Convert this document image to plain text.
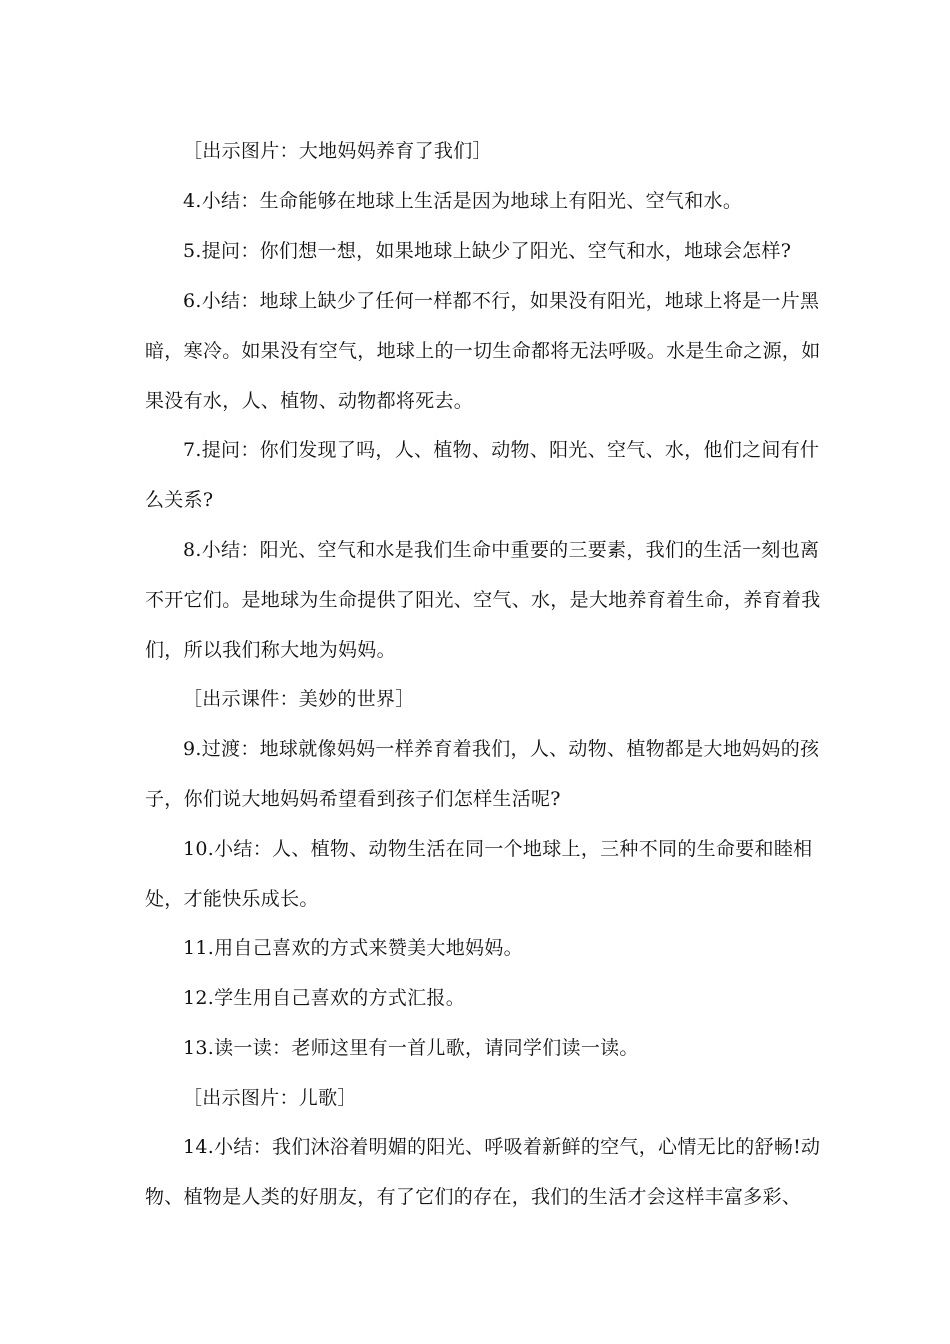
［出示图片：大地妈妈养育了我们］

4.小结：生命能够在地球上生活是因为地球上有阳光、空气和水。

5.提问：你们想一想，如果地球上缺少了阳光、空气和水，地球会怎样?

6.小结：地球上缺少了任何一样都不行，如果没有阳光，地球上将是一片黑暗，寒冷。如果没有空气，地球上的一切生命都将无法呼吸。水是生命之源，如果没有水，人、植物、动物都将死去。

7.提问：你们发现了吗，人、植物、动物、阳光、空气、水，他们之间有什么关系?

8.小结：阳光、空气和水是我们生命中重要的三要素，我们的生活一刻也离不开它们。是地球为生命提供了阳光、空气、水，是大地养育着生命，养育着我们，所以我们称大地为妈妈。

［出示课件：美妙的世界］

9.过渡：地球就像妈妈一样养育着我们，人、动物、植物都是大地妈妈的孩子，你们说大地妈妈希望看到孩子们怎样生活呢?

10.小结：人、植物、动物生活在同一个地球上，三种不同的生命要和睦相处，才能快乐成长。

11.用自己喜欢的方式来赞美大地妈妈。

12.学生用自己喜欢的方式汇报。

13.读一读：老师这里有一首儿歌，请同学们读一读。

［出示图片：儿歌］

14.小结：我们沐浴着明媚的阳光、呼吸着新鲜的空气，心情无比的舒畅!动物、植物是人类的好朋友，有了它们的存在，我们的生活才会这样丰富多彩、
